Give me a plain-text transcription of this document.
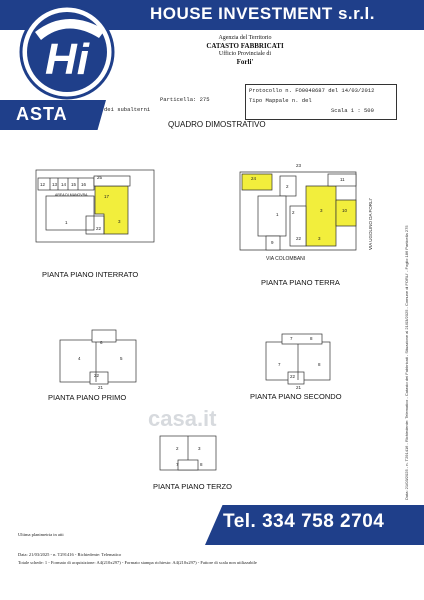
HOUSE INVESTMENT s.r.l.
Hi	Agenzia del Territorio
CATASTO FABBRICATI
Ufficio Provinciale di
Forli'
Protocollo n. FO0048687 del 14/03/2012
Tipo Mappale n. del
Scala 1 : 500
Particella: 275
dei subalterni
ASTA
QUADRO DIMOSTRATIVO
12 13 14 15 16
17
3
1
22
25
AREA DI MANOVRA
24
2
1	2	3	10
11
9
22	3
23
VIA COLOMBANI
VIA UGOLINO DA FORLI'
6
4	5
22
21
7	8
7	8
22
21
2	3
7	8
PIANTA PIANO INTERRATO
PIANTA PIANO TERRA
PIANTA PIANO PRIMO	PIANTA PIANO SECONDO
PIANTA PIANO TERZO
casa.it	Data: 21/03/2025 - n. T291416 - Richiedente: Telematico - Catasto dei Fabbricati - Situazione al 21/03/2025 - Comune di FORLI' - Foglio 186 Particella 275
Tel. 334 758 2704
Ultima planimetria in atti
Data: 21/03/2025 - n. T291416 - Richiedente: Telematico
Totale schede: 1 - Formato di acquisizione: A4(210x297) - Formato stampa richiesto: A4(210x297) - Fattore di scala non utilizzabile
